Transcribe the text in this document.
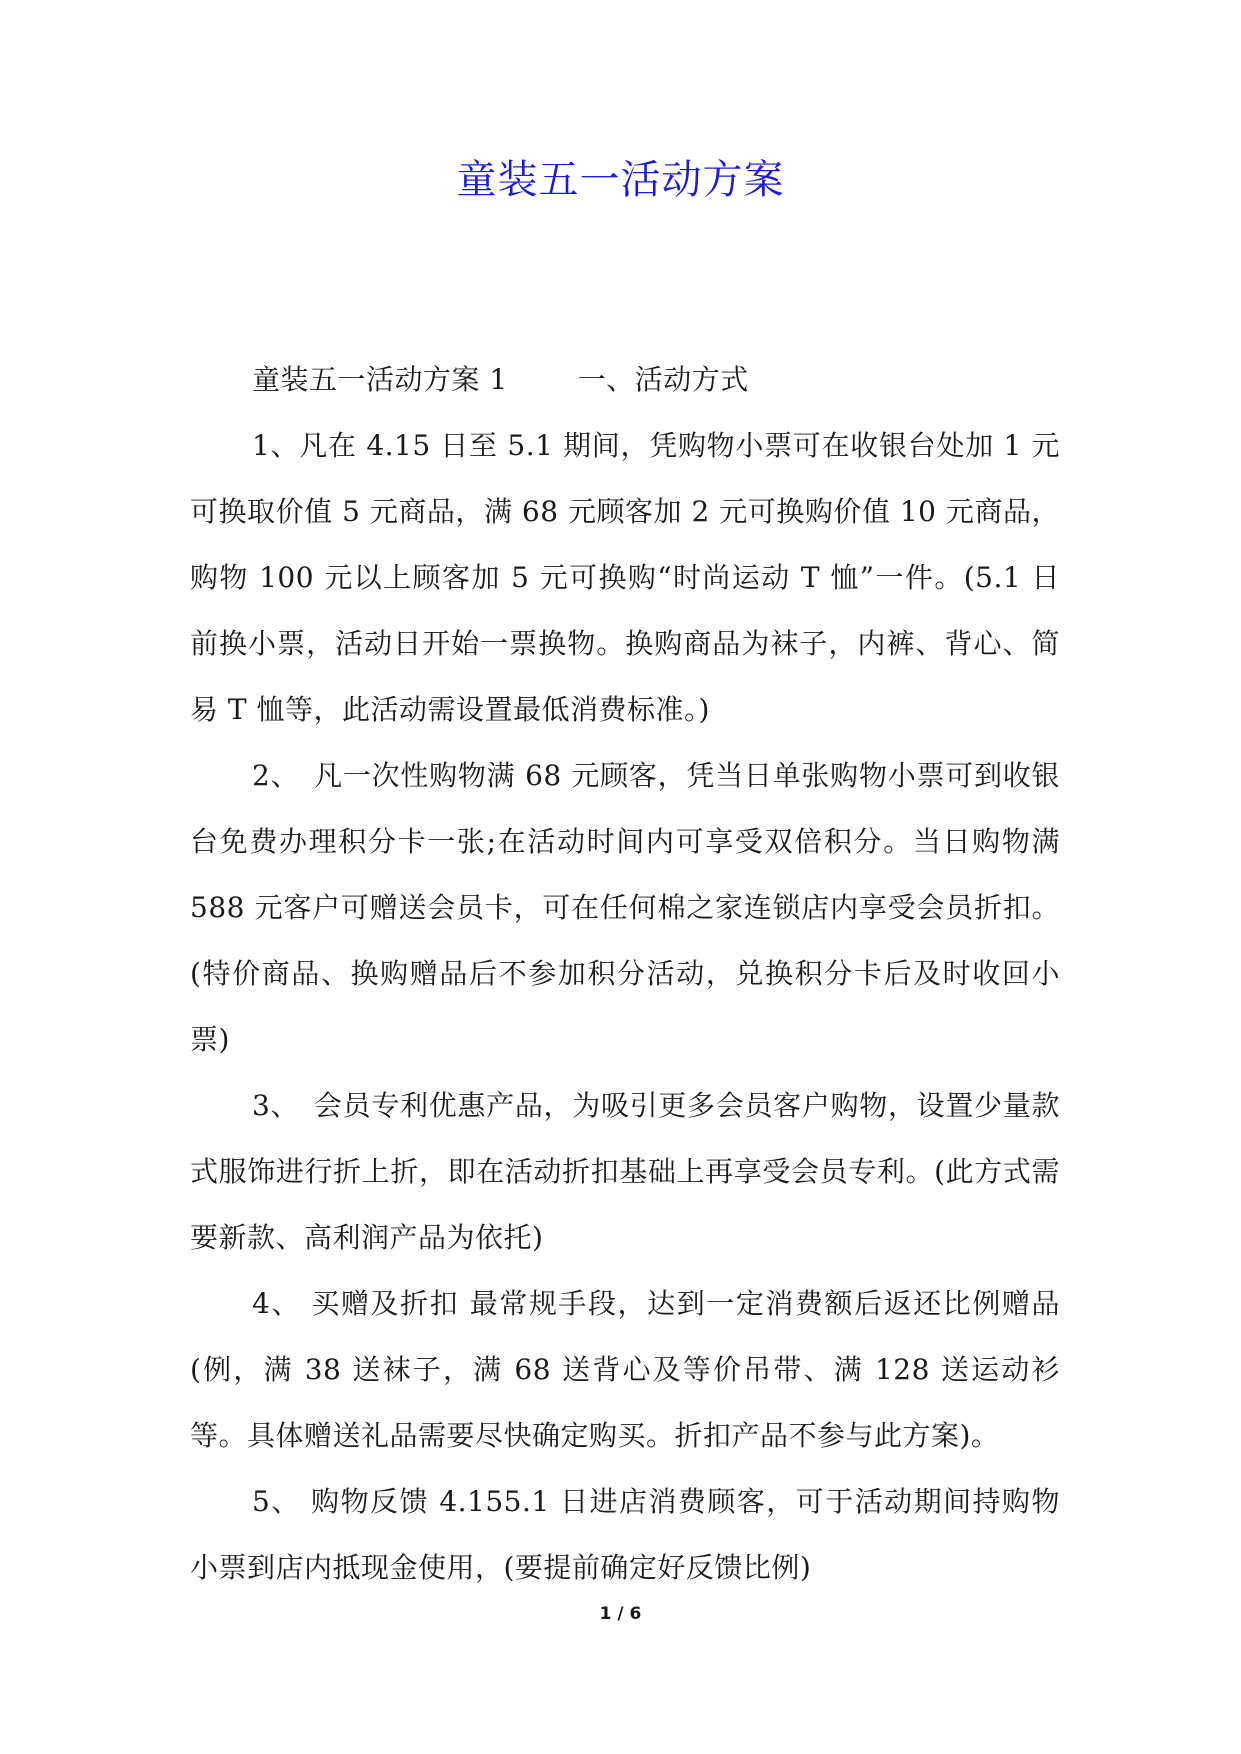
童装五一活动方案

童装五一活动方案 1	一、活动方式

1、凡在 4.15 日至 5.1 期间，凭购物小票可在收银台处加 1 元可换取价值 5 元商品，满 68 元顾客加 2 元可换购价值 10 元商品，购物 100 元以上顾客加 5 元可换购“时尚运动 T 恤”一件。(5.1 日前换小票，活动日开始一票换物。换购商品为袜子，内裤、背心、简易 T 恤等，此活动需设置最低消费标准。)

2、　凡一次性购物满 68 元顾客，凭当日单张购物小票可到收银台免费办理积分卡一张;在活动时间内可享受双倍积分。当日购物满 588 元客户可赠送会员卡，可在任何棉之家连锁店内享受会员折扣。(特价商品、换购赠品后不参加积分活动，兑换积分卡后及时收回小票)

3、　会员专利优惠产品，为吸引更多会员客户购物，设置少量款式服饰进行折上折，即在活动折扣基础上再享受会员专利。(此方式需要新款、高利润产品为依托)

4、 买赠及折扣 最常规手段，达到一定消费额后返还比例赠品(例，满 38 送袜子，满 68 送背心及等价吊带、满 128 送运动衫等。具体赠送礼品需要尽快确定购买。折扣产品不参与此方案)。

5、 购物反馈 4.155.1 日进店消费顾客，可于活动期间持购物小票到店内抵现金使用，(要提前确定好反馈比例)

1 / 6
